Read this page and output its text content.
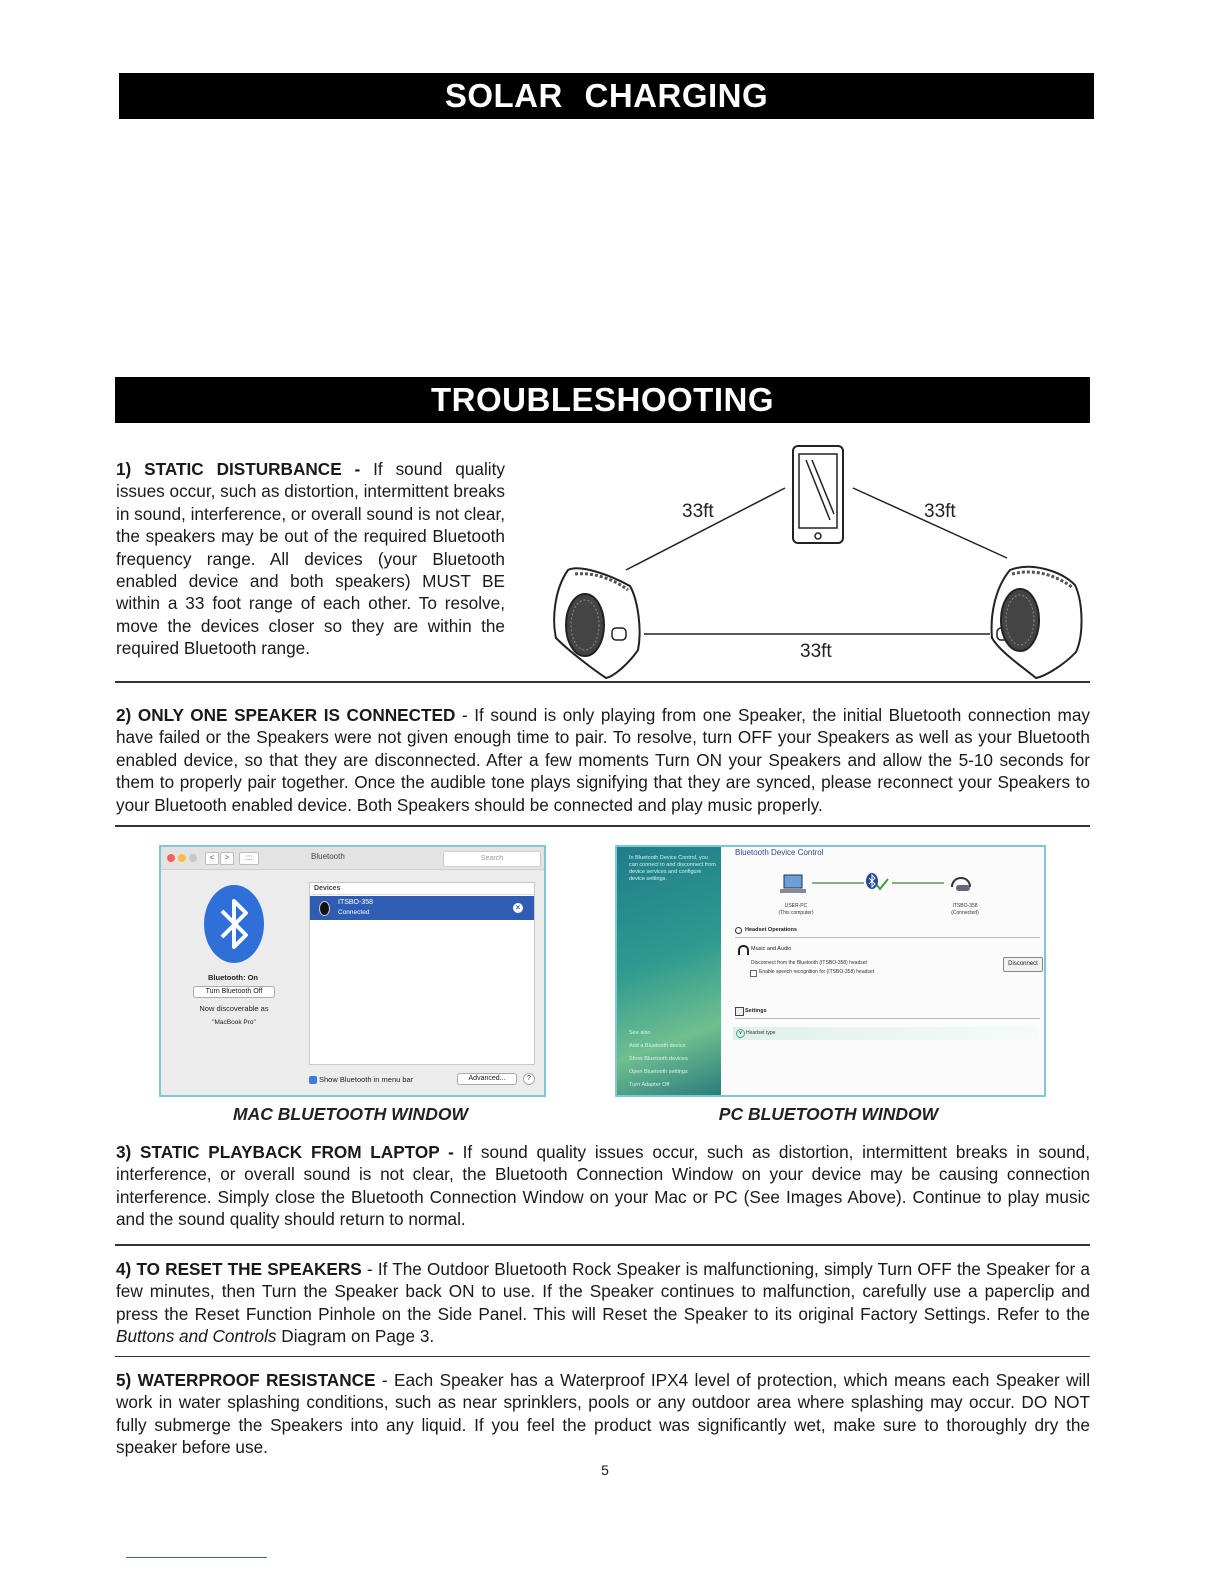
SOLAR CHARGING
TROUBLESHOOTING

1) STATIC DISTURBANCE - If sound quality issues occur, such as distortion, intermittent breaks in sound, interference, or overall sound is not clear, the speakers may be out of the required Bluetooth frequency range. All devices (your Bluetooth enabled device and both speakers) MUST BE within a 33 foot range of each other. To resolve, move the devices closer so they are within the required Bluetooth range.

33ft	33ft
33ft

2) ONLY ONE SPEAKER IS CONNECTED - If sound is only playing from one Speaker, the initial Bluetooth connection may have failed or the Speakers were not given enough time to pair. To resolve, turn OFF your Speakers as well as your Bluetooth enabled device, so that they are disconnected. After a few moments Turn ON your Speakers and allow the 5-10 seconds for them to properly pair together. Once the audible tone plays signifying that they are synced, please reconnect your Speakers to your Bluetooth enabled device. Both Speakers should be connected and play music properly.

<	>	:::	Bluetooth	Search
Bluetooth: On
Turn Bluetooth Off
Now discoverable as
"MacBook Pro"
Devices
ITSBO-358
Connected
×
Show Bluetooth in menu bar	Advanced...	?
In Bluetooth Device Control, you can connect to and disconnect from device services and configure device settings.
See also
Add a Bluetooth device
Show Bluetooth devices
Open Bluetooth settings
Turn Adapter Off
Bluetooth Device Control
USER-PC
(This computer)
ITSBO-358
(Connected)
Headset Operations
Music and Audio
Disconnect from the Bluetooth (ITSBO-358) headset
Enable speech recognition for (ITSBO-358) headset
Disconnect
Settings
v Headset type
MAC BLUETOOTH WINDOW	PC BLUETOOTH WINDOW

3) STATIC PLAYBACK FROM LAPTOP - If sound quality issues occur, such as distortion, intermittent breaks in sound, interference, or overall sound is not clear, the Bluetooth Connection Window on your device may be causing connection interference. Simply close the Bluetooth Connection Window on your Mac or PC (See Images Above). Continue to play music and the sound quality should return to normal.

4) TO RESET THE SPEAKERS - If The Outdoor Bluetooth Rock Speaker is malfunctioning, simply Turn OFF the Speaker for a few minutes, then Turn the Speaker back ON to use. If the Speaker continues to malfunction, carefully use a paperclip and press the Reset Function Pinhole on the Side Panel. This will Reset the Speaker to its original Factory Settings. Refer to the Buttons and Controls Diagram on Page 3.

5) WATERPROOF RESISTANCE - Each Speaker has a Waterproof IPX4 level of protection, which means each Speaker will work in water splashing conditions, such as near sprinklers, pools or any outdoor area where splashing may occur. DO NOT fully submerge the Speakers into any liquid. If you feel the product was significantly wet, make sure to thoroughly dry the speaker before use.

5
